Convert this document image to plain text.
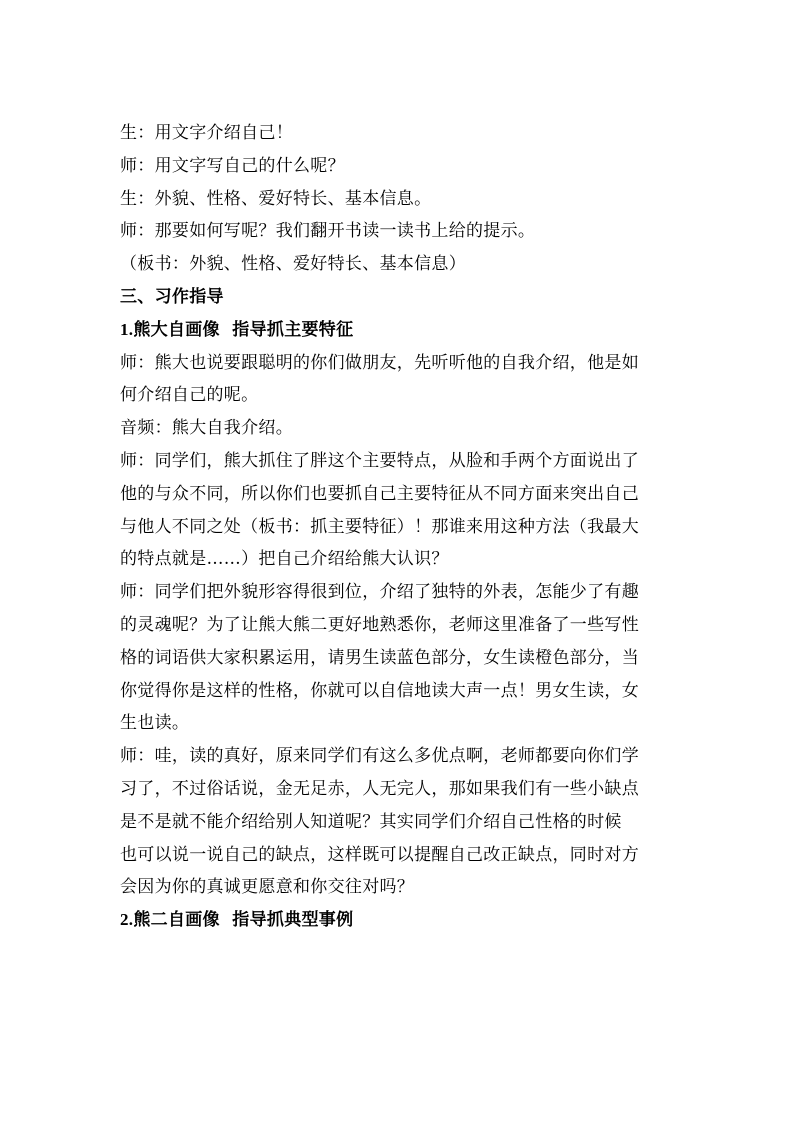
生：用文字介绍自己！
师：用文字写自己的什么呢？
生：外貌、性格、爱好特长、基本信息。
师：那要如何写呢？我们翻开书读一读书上给的提示。
（板书：外貌、性格、爱好特长、基本信息）
三、习作指导
1.熊大自画像  指导抓主要特征
师：熊大也说要跟聪明的你们做朋友，先听听他的自我介绍，他是如
何介绍自己的呢。
音频：熊大自我介绍。
师：同学们，熊大抓住了胖这个主要特点，从脸和手两个方面说出了
他的与众不同，所以你们也要抓自己主要特征从不同方面来突出自己
与他人不同之处（板书：抓主要特征）！那谁来用这种方法（我最大
的特点就是……）把自己介绍给熊大认识？
师：同学们把外貌形容得很到位，介绍了独特的外表，怎能少了有趣
的灵魂呢？为了让熊大熊二更好地熟悉你，老师这里准备了一些写性
格的词语供大家积累运用，请男生读蓝色部分，女生读橙色部分，当
你觉得你是这样的性格，你就可以自信地读大声一点！男女生读，女
生也读。
师：哇，读的真好，原来同学们有这么多优点啊，老师都要向你们学
习了，不过俗话说，金无足赤，人无完人，那如果我们有一些小缺点
是不是就不能介绍给别人知道呢？其实同学们介绍自己性格的时候
也可以说一说自己的缺点，这样既可以提醒自己改正缺点，同时对方
会因为你的真诚更愿意和你交往对吗？
2.熊二自画像  指导抓典型事例
